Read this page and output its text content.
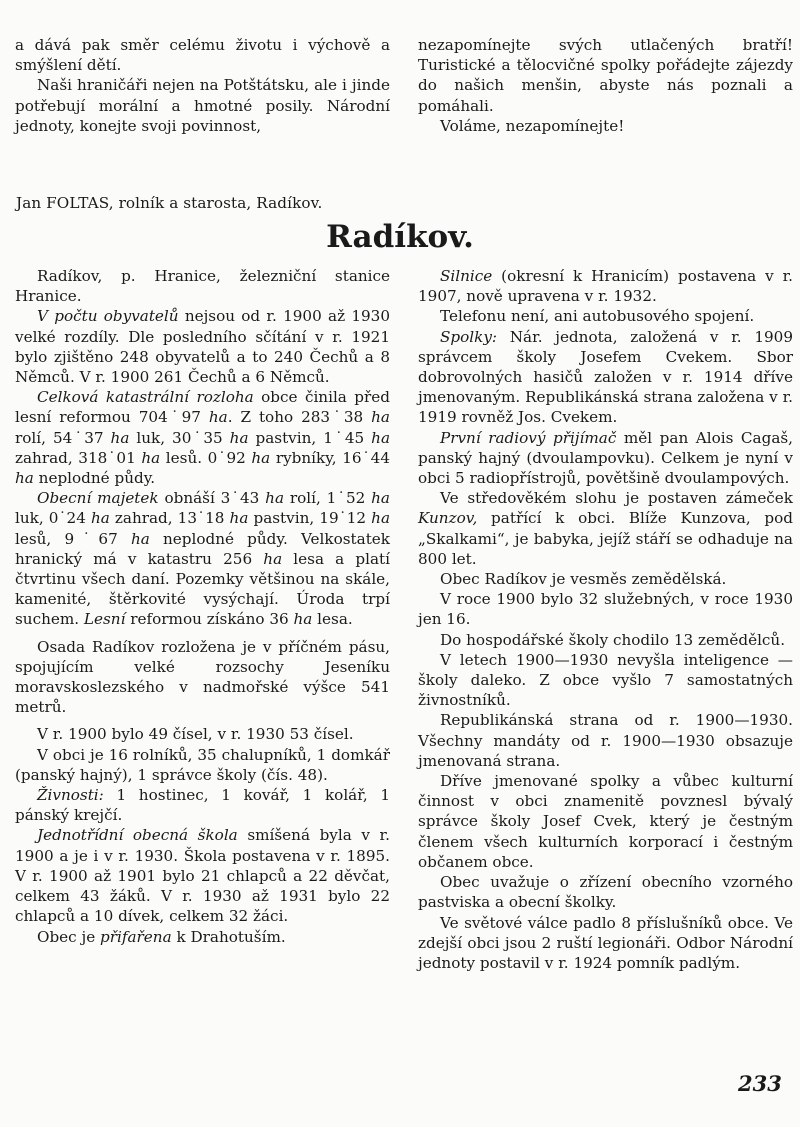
a dává pak směr celému životu i výchově a smýšlení dětí.

Naši hraničáři nejen na Potštátsku, ale i jinde potřebují morální a hmotné posily. Národní jednoty, konejte svoji povinnost,

nezapomínejte svých utlačených bratří! Turistické a tělocvičné spolky pořádejte zájezdy do našich menšin, abyste nás poznali a pomáhali.

Voláme, nezapomínejte!

Jan FOLTAS, rolník a starosta, Radíkov.
Radíkov.

Radíkov, p. Hranice, železniční stanice Hranice.

V počtu obyvatelů nejsou od r. 1900 až 1930 velké rozdíly. Dle posledního sčítání v r. 1921 bylo zjištěno 248 obyvatelů a to 240 Čechů a 8 Němců. V r. 1900 261 Čechů a 6 Němců.

Celková katastrální rozloha obce činila před lesní reformou 704˙97 ha. Z toho 283˙38 ha rolí, 54˙37 ha luk, 30˙35 ha pastvin, 1˙45 ha zahrad, 318˙01 ha lesů. 0˙92 ha rybníky, 16˙44 ha neplodné půdy.

Obecní majetek obnáší 3˙43 ha rolí, 1˙52 ha luk, 0˙24 ha zahrad, 13˙18 ha pastvin, 19˙12 ha lesů, 9˙67 ha neplodné půdy. Velkostatek hranický má v katastru 256 ha lesa a platí čtvrtinu všech daní. Pozemky většinou na skále, kamenité, štěrkovité vysýchají. Úroda trpí suchem. Lesní reformou získáno 36 ha lesa.

Osada Radíkov rozložena je v příčném pásu, spojujícím velké rozsochy Jeseníku moravskoslezského v nadmořské výšce 541 metrů.

V r. 1900 bylo 49 čísel, v r. 1930 53 čísel.

V obci je 16 rolníků, 35 chalupníků, 1 domkář (panský hajný), 1 správce školy (čís. 48).

Živnosti: 1 hostinec, 1 kovář, 1 kolář, 1 pánský krejčí.

Jednotřídní obecná škola smíšená byla v r. 1900 a je i v r. 1930. Škola postavena v r. 1895. V r. 1900 až 1901 bylo 21 chlapců a 22 děvčat, celkem 43 žáků. V r. 1930 až 1931 bylo 22 chlapců a 10 dívek, celkem 32 žáci.

Obec je přifařena k Drahotuším.

Silnice (okresní k Hranicím) postavena v r. 1907, nově upravena v r. 1932.

Telefonu není, ani autobusového spojení.

Spolky: Nár. jednota, založená v r. 1909 správcem školy Josefem Cvekem. Sbor dobrovolných hasičů založen v r. 1914 dříve jmenovaným. Republikánská strana založena v r. 1919 rovněž Jos. Cvekem.

První radiový přijímač měl pan Alois Cagaš, panský hajný (dvoulampovku). Celkem je nyní v obci 5 radiopřístrojů, povětšině dvoulampových.

Ve středověkém slohu je postaven zámeček Kunzov, patřící k obci. Blíže Kunzova, pod „Skalkami“, je babyka, jejíž stáří se odhaduje na 800 let.

Obec Radíkov je vesměs zemědělská.

V roce 1900 bylo 32 služebných, v roce 1930 jen 16.

Do hospodářské školy chodilo 13 zemědělců.

V letech 1900—1930 nevyšla inteligence — školy daleko. Z obce vyšlo 7 samostatných živnostníků.

Republikánská strana od r. 1900—1930. Všechny mandáty od r. 1900—1930 obsazuje jmenovaná strana.

Dříve jmenované spolky a vůbec kulturní činnost v obci znamenitě povznesl bývalý správce školy Josef Cvek, který je čestným členem všech kulturních korporací i čestným občanem obce.

Obec uvažuje o zřízení obecního vzorného pastviska a obecní školky.

Ve světové válce padlo 8 příslušníků obce. Ve zdejší obci jsou 2 ruští legionáři. Odbor Národní jednoty postavil v r. 1924 pomník padlým.

233
